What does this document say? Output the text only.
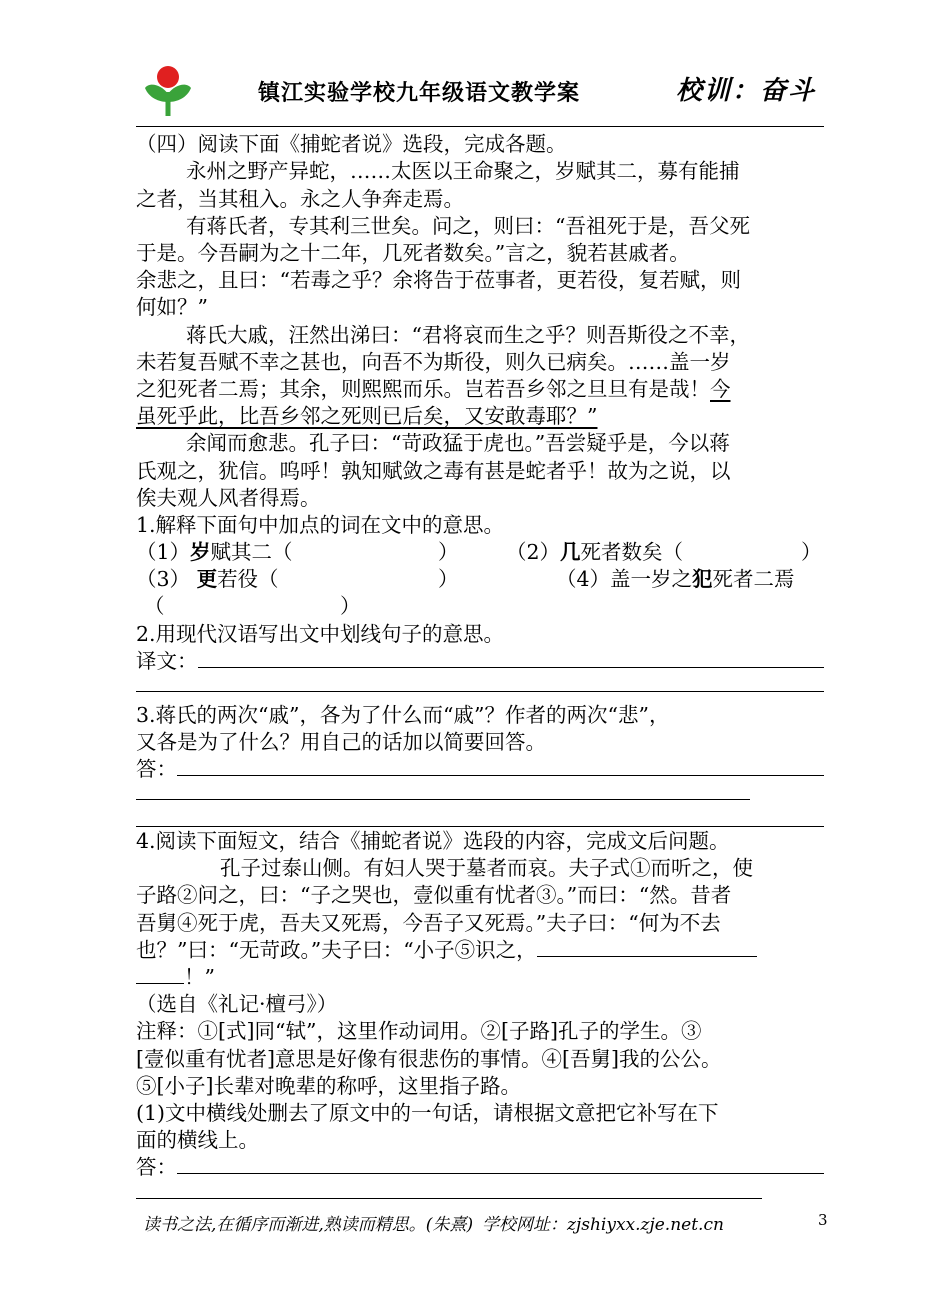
镇江实验学校九年级语文教学案	校训：奋斗
（四）阅读下面《捕蛇者说》选段，完成各题。
永州之野产异蛇，……太医以王命聚之，岁赋其二，募有能捕
之者，当其租入。永之人争奔走焉。
有蒋氏者，专其利三世矣。问之，则曰：“吾祖死于是，吾父死
于是。今吾嗣为之十二年，几死者数矣。”言之，貌若甚戚者。
余悲之，且曰：“若毒之乎？余将告于莅事者，更若役，复若赋，则
何如？”
蒋氏大戚，汪然出涕曰：“君将哀而生之乎？则吾斯役之不幸，
未若复吾赋不幸之甚也，向吾不为斯役，则久已病矣。……盖一岁
之犯死者二焉；其余，则熙熙而乐。岂若吾乡邻之旦旦有是哉！今
虽死乎此，比吾乡邻之死则已后矣，又安敢毒耶？”
余闻而愈悲。孔子曰：“苛政猛于虎也。”吾尝疑乎是，今以蒋
氏观之，犹信。呜呼！孰知赋敛之毒有甚是蛇者乎！故为之说，以
俟夫观人风者得焉。
1.解释下面句中加点的词在文中的意思。
（1）岁赋其二（	） （2）几死者数矣（	）
（3） 更若役（	）	（4）盖一岁之犯死者二焉
（	）
2.用现代汉语写出文中划线句子的意思。
译文：
3.蒋氏的两次“戚”，各为了什么而“戚”？作者的两次“悲”，
又各是为了什么？用自己的话加以简要回答。
答：
4.阅读下面短文，结合《捕蛇者说》选段的内容，完成文后问题。
孔子过泰山侧。有妇人哭于墓者而哀。夫子式①而听之，使
子路②问之，曰：“子之哭也，壹似重有忧者③。”而曰：“然。昔者
吾舅④死于虎，吾夫又死焉，今吾子又死焉。”夫子曰：“何为不去
也？”曰：“无苛政。”夫子曰：“小子⑤识之，
！”
（选自《礼记·檀弓》）
注释：①[式]同“轼”，这里作动词用。②[子路]孔子的学生。③
[壹似重有忧者]意思是好像有很悲伤的事情。④[吾舅]我的公公。
⑤[小子]长辈对晚辈的称呼，这里指子路。
(1)文中横线处删去了原文中的一句话，请根据文意把它补写在下
面的横线上。
答：
读书之法,在循序而渐进,熟读而精思。(朱熹) 学校网址：zjshiyxx.zje.net.cn	3
